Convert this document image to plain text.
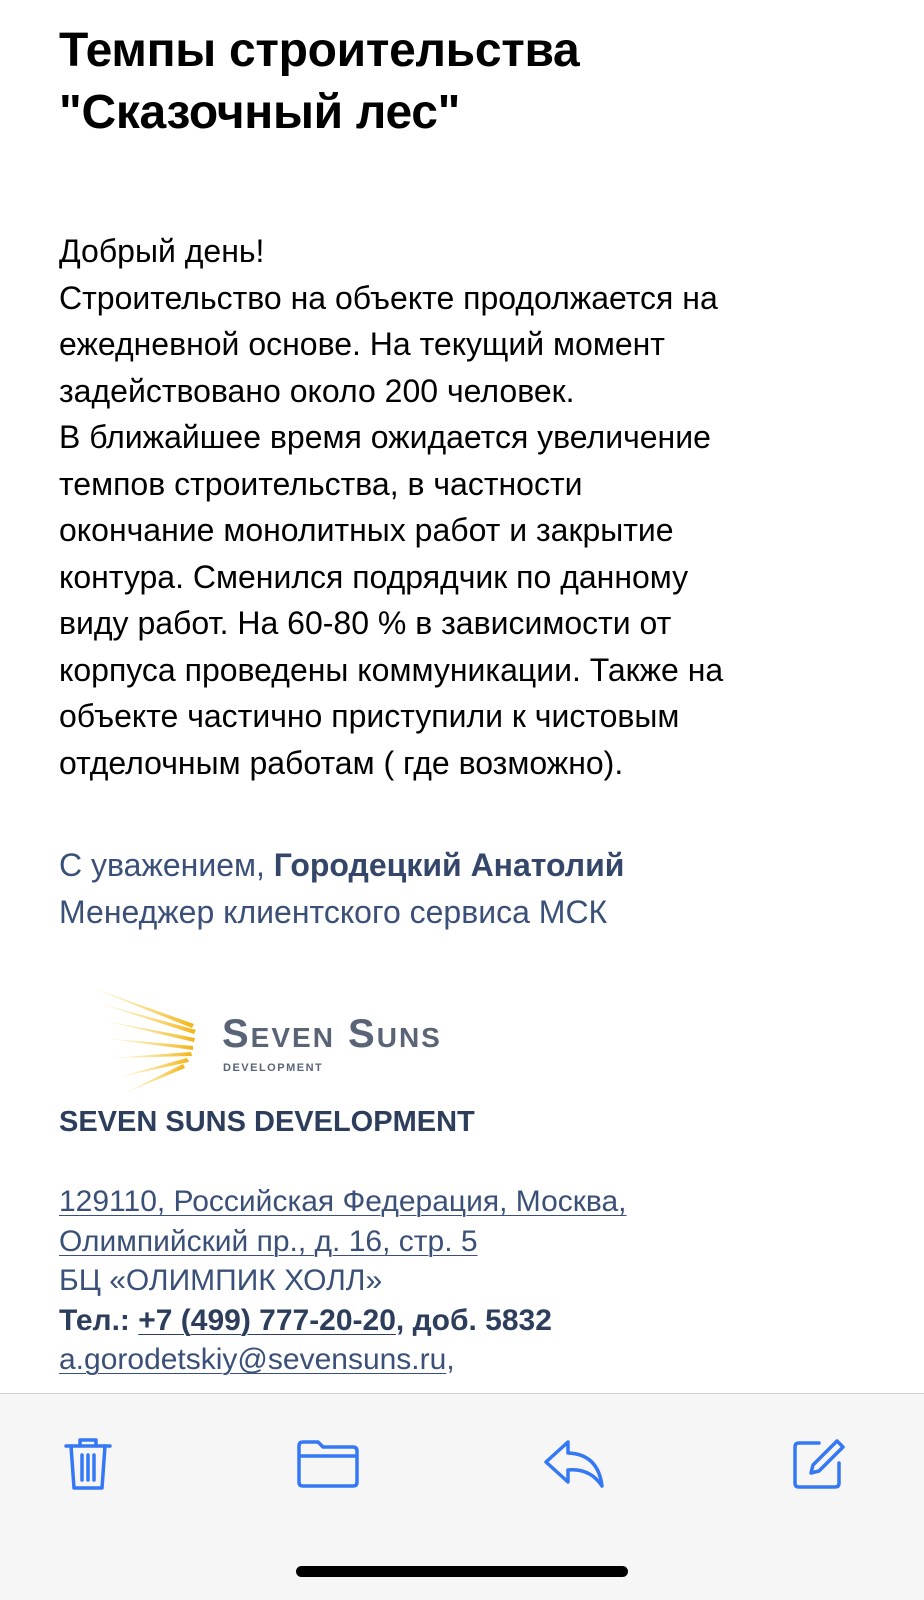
Темпы строительства
"Сказочный лес"
Добрый день!
Строительство на объекте продолжается на
ежедневной основе. На текущий момент
задействовано около 200 человек.
В ближайшее время ожидается увеличение
темпов строительства, в частности
окончание монолитных работ и закрытие
контура. Сменился подрядчик по данному
виду работ. На 60-80 % в зависимости от
корпуса проведены коммуникации. Также на
объекте частично приступили к чистовым
отделочным работам ( где возможно).
С уважением, Городецкий Анатолий
Менеджер клиентского сервиса МСК
Seven Suns
DEVELOPMENT
SEVEN SUNS DEVELOPMENT
129110, Российская Федерация, Москва,
Олимпийский пр., д. 16, стр. 5
БЦ «ОЛИМПИК ХОЛЛ»
Тел.: +7 (499) 777-20-20, доб. 5832
a.gorodetskiy@sevensuns.ru,
